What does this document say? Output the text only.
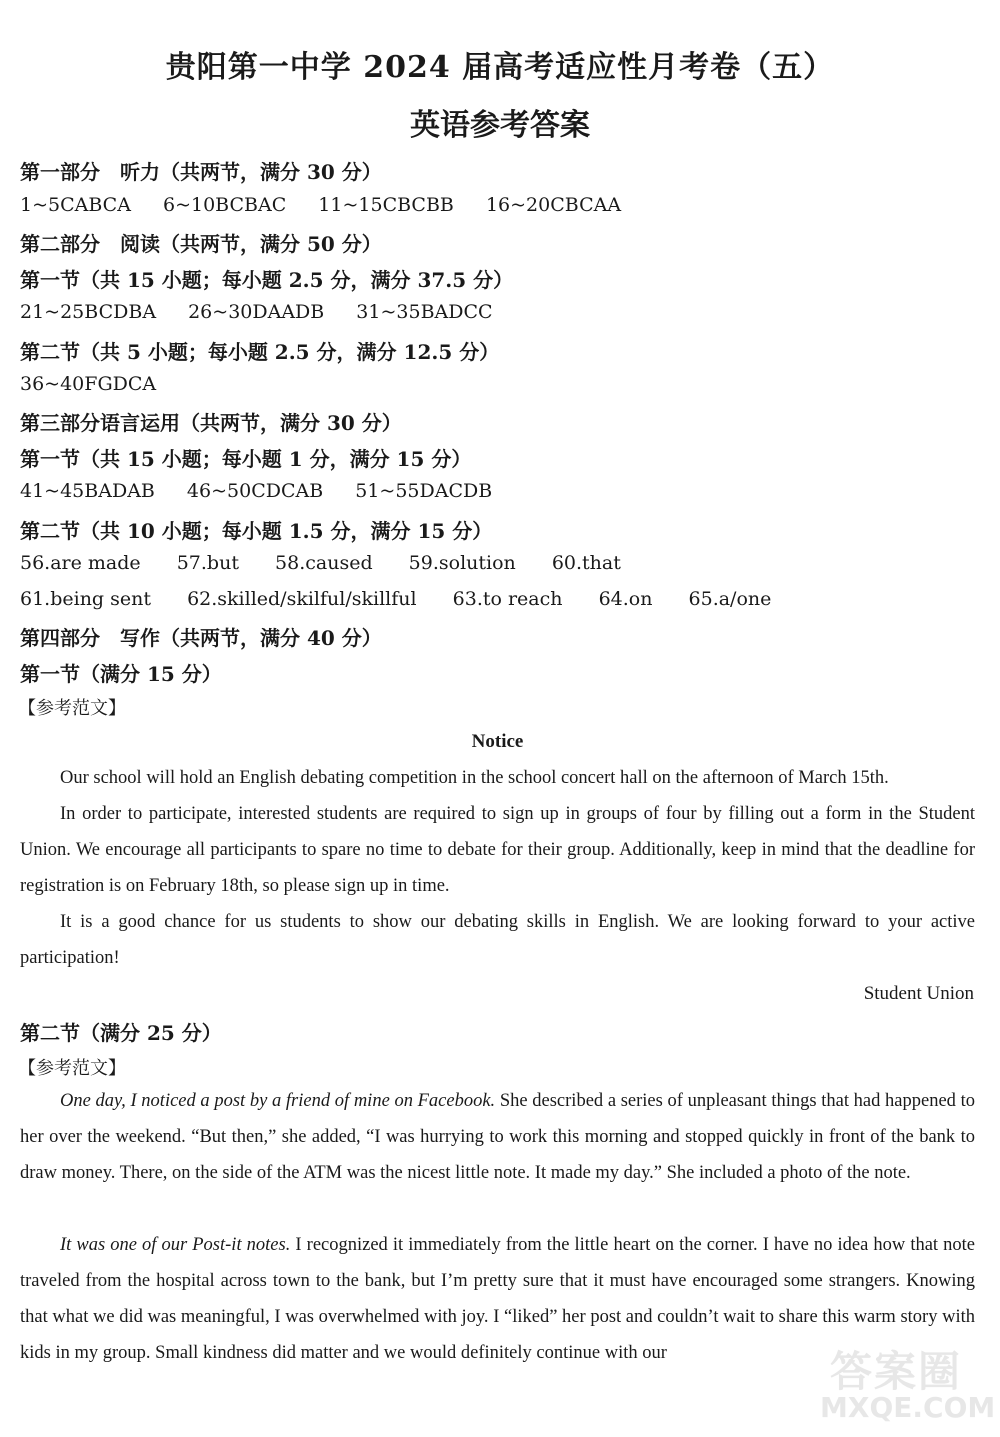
贵阳第一中学 2024 届高考适应性月考卷（五）
英语参考答案
第一部分　听力（共两节，满分 30 分）
1~5CABCA 6~10BCBAC 11~15CBCBB 16~20CBCAA
第二部分　阅读（共两节，满分 50 分）
第一节（共 15 小题；每小题 2.5 分，满分 37.5 分）
21~25BCDBA 26~30DAADB 31~35BADCC
第二节（共 5 小题；每小题 2.5 分，满分 12.5 分）
36~40FGDCA
第三部分语言运用（共两节，满分 30 分）
第一节（共 15 小题；每小题 1 分，满分 15 分）
41~45BADAB 46~50CDCAB 51~55DACDB
第二节（共 10 小题；每小题 1.5 分，满分 15 分）
56.are made 57.but 58.caused 59.solution 60.that
61.being sent 62.skilled/skilful/skillful 63.to reach 64.on 65.a/one
第四部分　写作（共两节，满分 40 分）
第一节（满分 15 分）
【参考范文】
Notice
Our school will hold an English debating competition in the school concert hall on the afternoon of March 15th.
In order to participate, interested students are required to sign up in groups of four by filling out a form in the Student Union. We encourage all participants to spare no time to debate for their group. Additionally, keep in mind that the deadline for registration is on February 18th, so please sign up in time.
It is a good chance for us students to show our debating skills in English. We are looking forward to your active participation!
Student Union
第二节（满分 25 分）
【参考范文】
One day, I noticed a post by a friend of mine on Facebook. She described a series of unpleasant things that had happened to her over the weekend. “But then,” she added, “I was hurrying to work this morning and stopped quickly in front of the bank to draw money. There, on the side of the ATM was the nicest little note. It made my day.” She included a photo of the note.
It was one of our Post-it notes. I recognized it immediately from the little heart on the corner. I have no idea how that note traveled from the hospital across town to the bank, but I’m pretty sure that it must have encouraged some strangers. Knowing that what we did was meaningful, I was overwhelmed with joy. I “liked” her post and couldn’t wait to share this warm story with kids in my group. Small kindness did matter and we would definitely continue with our	答案圈
MXQE.COM
